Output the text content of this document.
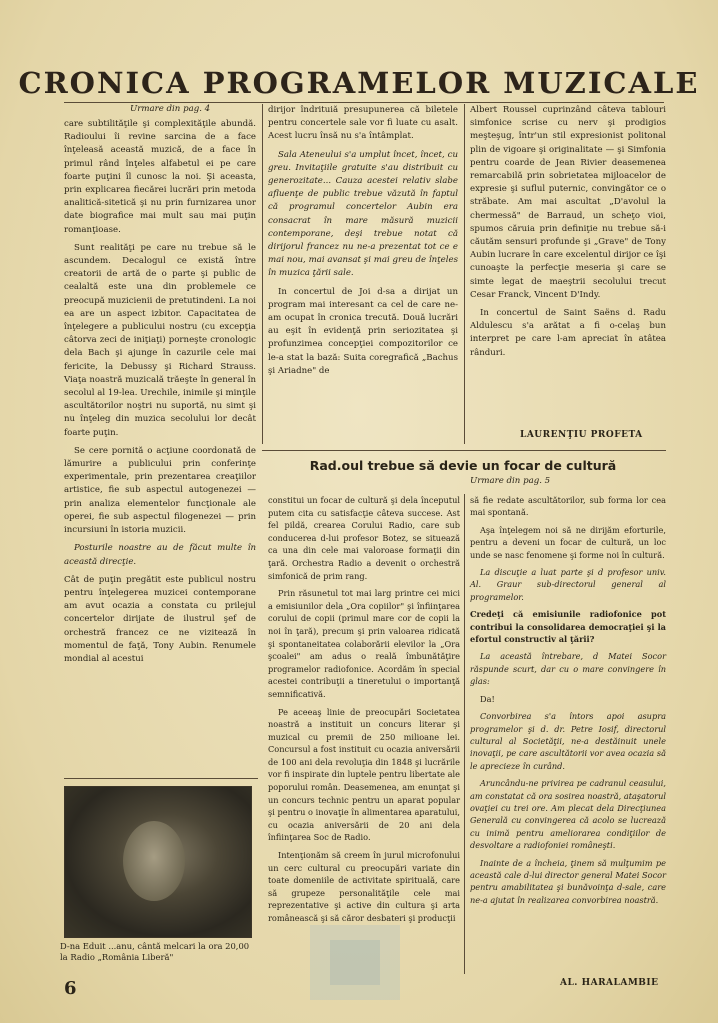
CRONICA PROGRAMELOR MUZICALE
Urmare din pag. 4

care subtilităţile şi complexităţile abundă. Radioului îi revine sarcina de a face înţeleasă această muzică, de a face în primul rând înţeles alfabetul ei pe care foarte puţini îl cunosc la noi. Şi aceasta, prin explicarea fiecărei lucrări prin metoda analitică-sitetică şi nu prin furnizarea unor date biografice mai mult sau mai puţin romanţioase.

Sunt realităţi pe care nu trebue să le ascundem. Decalogul ce există între creatorii de artă de o parte şi public de cealaltă este una din problemele ce preocupă muzicienii de pretutindeni. La noi ea are un aspect izbitor. Capacitatea de înţelegere a publicului nostru (cu excepţia câtorva zeci de iniţiaţi) porneşte cronologic dela Bach şi ajunge în cazurile cele mai fericite, la Debussy şi Richard Strauss. Viaţa noastră muzicală trăeşte în general în secolul al 19-lea. Urechile, inimile şi minţile ascultătorilor noştri nu suportă, nu simt şi nu înţeleg din muzica secolului lor decât foarte puţin.

Se cere pornită o acţiune coordonată de lămurire a publicului prin conferinţe experimentale, prin prezentarea creaţiilor artistice, fie sub aspectul autogenezei — prin analiza elementelor funcţionale ale operei, fie sub aspectul filogenezei — prin incursiuni în istoria muzicii.

Posturile noastre au de făcut multe în această direcţie.

Cât de puţin pregătit este publicul nostru pentru înţelegerea muzicei contemporane am avut ocazia a constata cu prilejul concertelor dirijate de ilustrul şef de orchestră francez ce ne vizitează în momentul de faţă, Tony Aubin. Renumele mondial al acestui

dirijor îndrituiă presupunerea că biletele pentru concertele sale vor fi luate cu asalt. Acest lucru însă nu s'a întâmplat.

Sala Ateneului s'a umplut încet, încet, cu greu. Invitaţiile gratuite s'au distribuit cu generozitate... Cauza acestei relativ slabe afluenţe de public trebue văzută în faptul că programul concertelor Aubin era consacrat în mare măsură muzicii contemporane, deşi trebue notat că dirijorul francez nu ne-a prezentat tot ce e mai nou, mai avansat şi mai greu de înţeles în muzica ţării sale.

In concertul de Joi d-sa a dirijat un program mai interesant ca cel de care ne-am ocupat în cronica trecută. Două lucrări au eşit în evidenţă prin seriozitatea şi profunzimea concepţiei compozitorilor ce le-a stat la bază: Suita coregrafică „Bachus şi Ariadne" de

Albert Roussel cuprinzând câteva tablouri simfonice scrise cu nerv şi prodigios meşteşug, într'un stil expresionist politonal plin de vigoare şi originalitate — şi Simfonia pentru coarde de Jean Rivier deasemenea remarcabilă prin sobrietatea mijloacelor de expresie şi suflul puternic, convingător ce o străbate. Am mai ascultat „D'avolul la chermessă" de Barraud, un scheţo vioi, spumos căruia prin definiţie nu trebue să-i căutăm sensuri profunde şi „Grave" de Tony Aubin lucrare în care excelentul dirijor ce îşi cunoaşte la perfecţie meseria şi care se simte legat de maeştrii secolului trecut Cesar Franck, Vincent D'Indy.

In concertul de Saint Saëns d. Radu Aldulescu s'a arătat a fi o-celaş bun interpret pe care l-am apreciat în atâtea rânduri.

LAURENŢIU PROFETA
Rad.oul trebue să devie un focar de cultură
Urmare din pag. 5

constitui un focar de cultură şi dela începutul putem cita cu satisfacţie câteva succese. Ast fel pildă, crearea Corului Radio, care sub conducerea d-lui profesor Botez, se situează ca una din cele mai valoroase formaţii din ţară. Orchestra Radio a devenit o orchestră simfonică de prim rang.

Prin răsunetul tot mai larg printre cei mici a emisiunilor dela „Ora copiilor" şi înfiinţarea corului de copii (primul mare cor de copii la noi în ţară), precum şi prin valoarea ridicată şi spontaneitatea colaborării elevilor la „Ora şcoalei" am adus o reală îmbunătăţire programelor radiofonice. Acordăm în special acestei contribuţii a tineretului o importanţă semnificativă.

Pe aceeaş linie de preocupări Societatea noastră a instituit un concurs literar şi muzical cu premii de 250 milioane lei. Concursul a fost instituit cu ocazia aniversării de 100 ani dela revoluţia din 1848 şi lucrările vor fi inspirate din luptele pentru libertate ale poporului român. Deasemenea, am enunţat şi un concurs technic pentru un aparat popular şi pentru o inovaţie în alimentarea aparatului, cu ocazia aniversării de 20 ani dela înfiinţarea Soc de Radio.

Intenţionăm să creem în jurul microfonului un cerc cultural cu preocupări variate din toate domeniile de activitate spirituală, care să grupeze personalităţile cele mai reprezentative şi active din cultura şi arta românească şi să căror desbateri şi producţii

să fie redate ascultătorilor, sub forma lor cea mai spontană.

Aşa înţelegem noi să ne dirijăm eforturile, pentru a deveni un focar de cultură, un loc unde se nasc fenomene şi forme noi în cultură.

La discuţie a luat parte şi d profesor univ. Al. Graur sub-directorul general al programelor.

Credeţi că emisiunile radiofonice pot contribui la consolidarea democraţiei şi la efortul constructiv al ţării?

La această întrebare, d Matei Socor răspunde scurt, dar cu o mare convingere în glas:

Da!

Convorbirea s'a întors apoi asupra programelor şi d. dr. Petre Iosif, directorul cultural al Societăţii, ne-a destăinuit unele inovaţii, pe care ascultătorii vor avea ocazia să le aprecieze în curând.

Aruncându-ne privirea pe cadranul ceasului, am constatat că ora sosirea noastră, ataşatorul ovaţiei cu trei ore. Am plecat dela Direcţiunea Generală cu convingerea că acolo se lucrează cu inimă pentru ameliorarea condiţiilor de desvoltare a radiofoniei româneşti.

Inainte de a încheia, ţinem să mulţumim pe această cale d-lui director general Matei Socor pentru amabilitatea şi bunăvoinţa d-sale, care ne-a ajutat în realizarea convorbirea noastră.

AL. HARALAMBIE
D-na Eduit ...anu, cântă melcari la ora 20,00 la Radio „România Liberă"
6
